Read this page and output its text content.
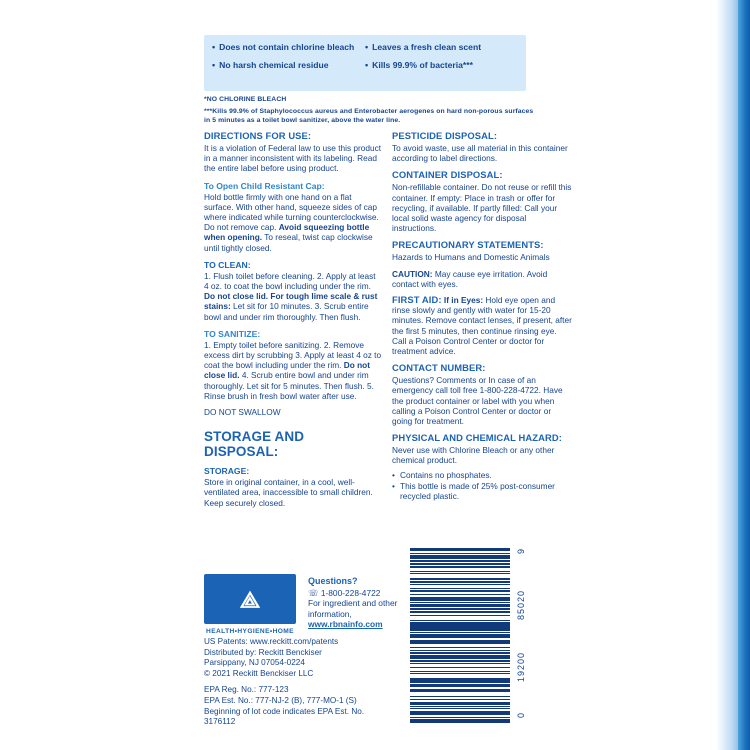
• Does not contain chlorine bleach
• No harsh chemical residue
• Leaves a fresh clean scent
• Kills 99.9% of bacteria***
*NO CHLORINE BLEACH
***Kills 99.9% of Staphylococcus aureus and Enterobacter aerogenes on hard non-porous surfaces in 5 minutes as a toilet bowl sanitizer, above the water line.
DIRECTIONS FOR USE:

It is a violation of Federal law to use this product in a manner inconsistent with its labeling. Read the entire label before using product.

To Open Child Resistant Cap:

Hold bottle firmly with one hand on a flat surface. With other hand, squeeze sides of cap where indicated while turning counterclockwise. Do not remove cap. Avoid squeezing bottle when opening. To reseal, twist cap clockwise until tightly closed.

TO CLEAN:

1. Flush toilet before cleaning. 2. Apply at least 4 oz. to coat the bowl including under the rim. Do not close lid. For tough lime scale & rust stains: Let sit for 10 minutes. 3. Scrub entire bowl and under rim thoroughly. Then flush.

TO SANITIZE:

1. Empty toilet before sanitizing. 2. Remove excess dirt by scrubbing 3. Apply at least 4 oz to coat the bowl including under the rim. Do not close lid. 4. Scrub entire bowl and under rim thoroughly. Let sit for 5 minutes. Then flush. 5. Rinse brush in fresh bowl water after use.

DO NOT SWALLOW

STORAGE AND DISPOSAL:
STORAGE:

Store in original container, in a cool, well-ventilated area, inaccessible to small children. Keep securely closed.

PESTICIDE DISPOSAL:

To avoid waste, use all material in this container according to label directions.

CONTAINER DISPOSAL:

Non-refillable container. Do not reuse or refill this container. If empty: Place in trash or offer for recycling, if available. If partly filled: Call your local solid waste agency for disposal instructions.

PRECAUTIONARY STATEMENTS:

Hazards to Humans and Domestic Animals

CAUTION: May cause eye irritation. Avoid contact with eyes.

FIRST AID: If in Eyes: Hold eye open and rinse slowly and gently with water for 15-20 minutes. Remove contact lenses, if present, after the first 5 minutes, then continue rinsing eye. Call a Poison Control Center or doctor for treatment advice.

CONTACT NUMBER:

Questions? Comments or In case of an emergency call toll free 1-800-228-4722. Have the product container or label with you when calling a Poison Control Center or doctor or going for treatment.

PHYSICAL AND CHEMICAL HAZARD:

Never use with Chlorine Bleach or any other chemical product.

• Contains no phosphates.
• This bottle is made of 25% post-consumer recycled plastic.
⟁
HEALTH•HYGIENE•HOME
Questions?
☏ 1-800-228-4722
For ingredient and other
information,
www.rbnainfo.com
US Patents: www.reckitt.com/patents
Distributed by: Reckitt Benckiser
Parsippany, NJ 07054-0224
© 2021 Reckitt Benckiser LLC
EPA Reg. No.: 777-123
EPA Est. No.: 777-NJ-2 (B), 777-MO-1 (S)
Beginning of lot code indicates EPA Est. No.
3176112
9
85020
19200
0
